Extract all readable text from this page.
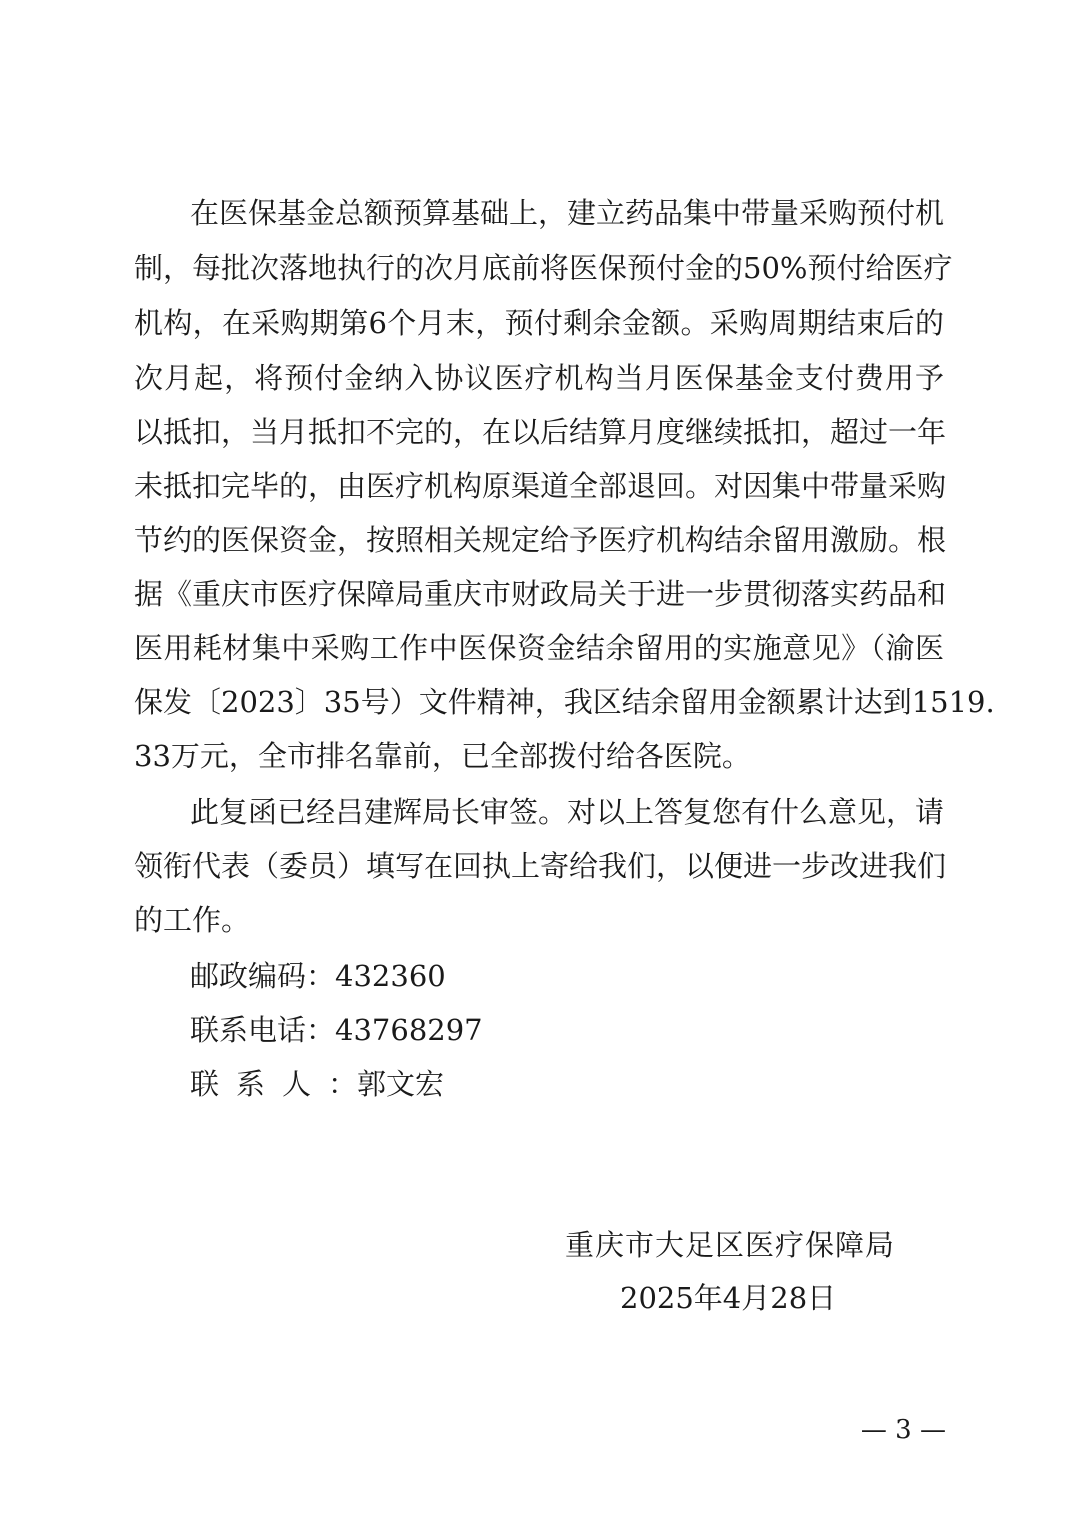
在医保基金总额预算基础上，建立药品集中带量采购预付机
制，每批次落地执行的次月底前将医保预付金的50%预付给医疗
机构，在采购期第6个月末，预付剩余金额。采购周期结束后的
次月起，将预付金纳入协议医疗机构当月医保基金支付费用予
以抵扣，当月抵扣不完的，在以后结算月度继续抵扣，超过一年
未抵扣完毕的，由医疗机构原渠道全部退回。对因集中带量采购
节约的医保资金，按照相关规定给予医疗机构结余留用激励。根
据《重庆市医疗保障局重庆市财政局关于进一步贯彻落实药品和
医用耗材集中采购工作中医保资金结余留用的实施意见》（渝医
保发〔2023〕35号）文件精神，我区结余留用金额累计达到1519.
33万元，全市排名靠前，已全部拨付给各医院。
此复函已经吕建辉局长审签。对以上答复您有什么意见，请
领衔代表（委员）填写在回执上寄给我们，以便进一步改进我们
的工作。
邮政编码：432360
联系电话：43768297
联系人：郭文宏
重庆市大足区医疗保障局
2025年4月28日
— 3 —
